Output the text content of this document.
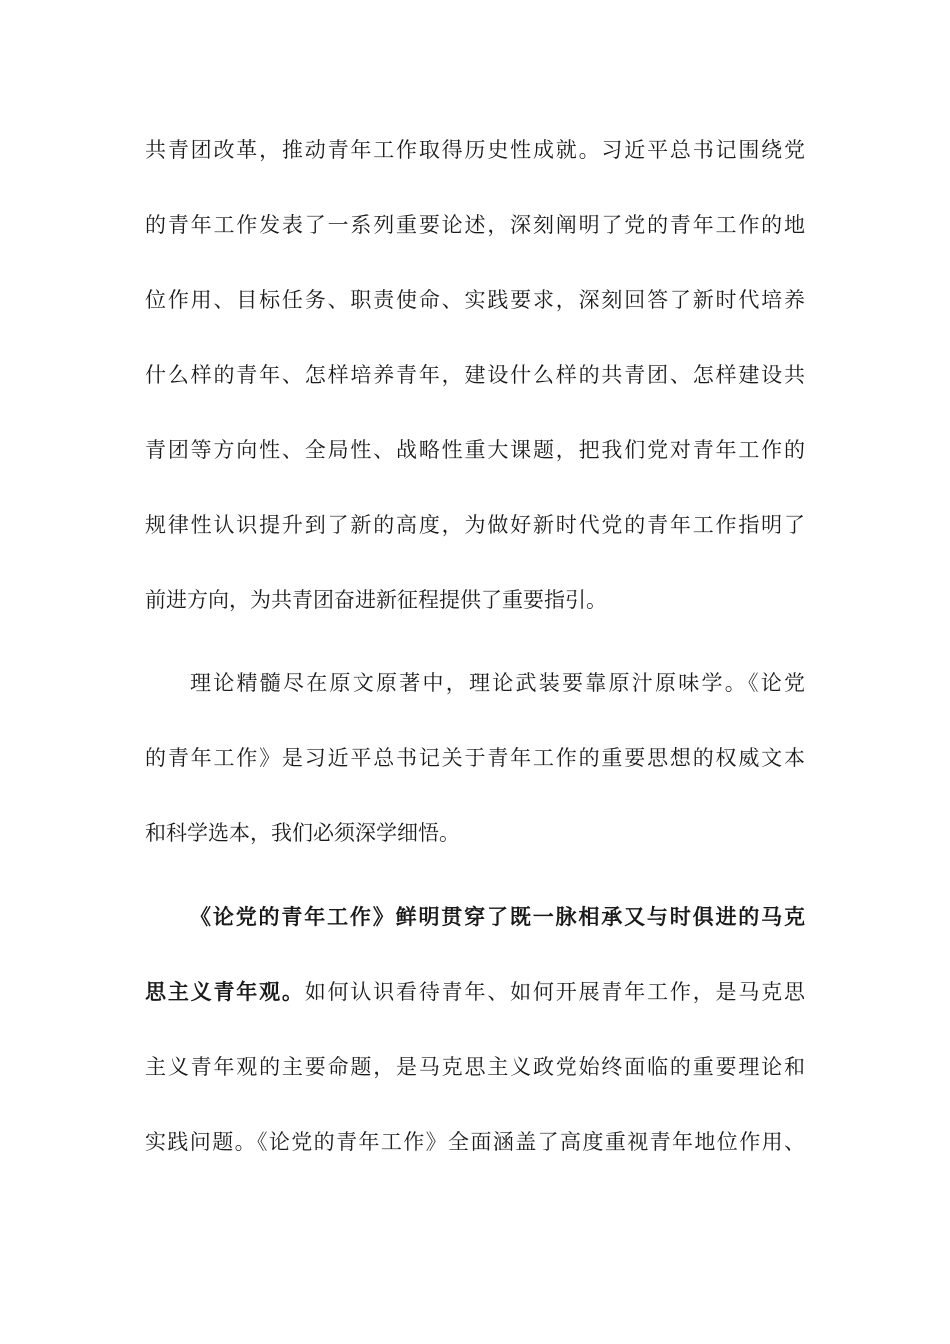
共青团改革，推动青年工作取得历史性成就。习近平总书记围绕党
的青年工作发表了一系列重要论述，深刻阐明了党的青年工作的地
位作用、目标任务、职责使命、实践要求，深刻回答了新时代培养
什么样的青年、怎样培养青年，建设什么样的共青团、怎样建设共
青团等方向性、全局性、战略性重大课题，把我们党对青年工作的
规律性认识提升到了新的高度，为做好新时代党的青年工作指明了
前进方向，为共青团奋进新征程提供了重要指引。
理论精髓尽在原文原著中，理论武装要靠原汁原味学。《论党
的青年工作》是习近平总书记关于青年工作的重要思想的权威文本
和科学选本，我们必须深学细悟。
《论党的青年工作》鲜明贯穿了既一脉相承又与时俱进的马克
思主义青年观。如何认识看待青年、如何开展青年工作，是马克思
主义青年观的主要命题，是马克思主义政党始终面临的重要理论和
实践问题。《论党的青年工作》全面涵盖了高度重视青年地位作用、
